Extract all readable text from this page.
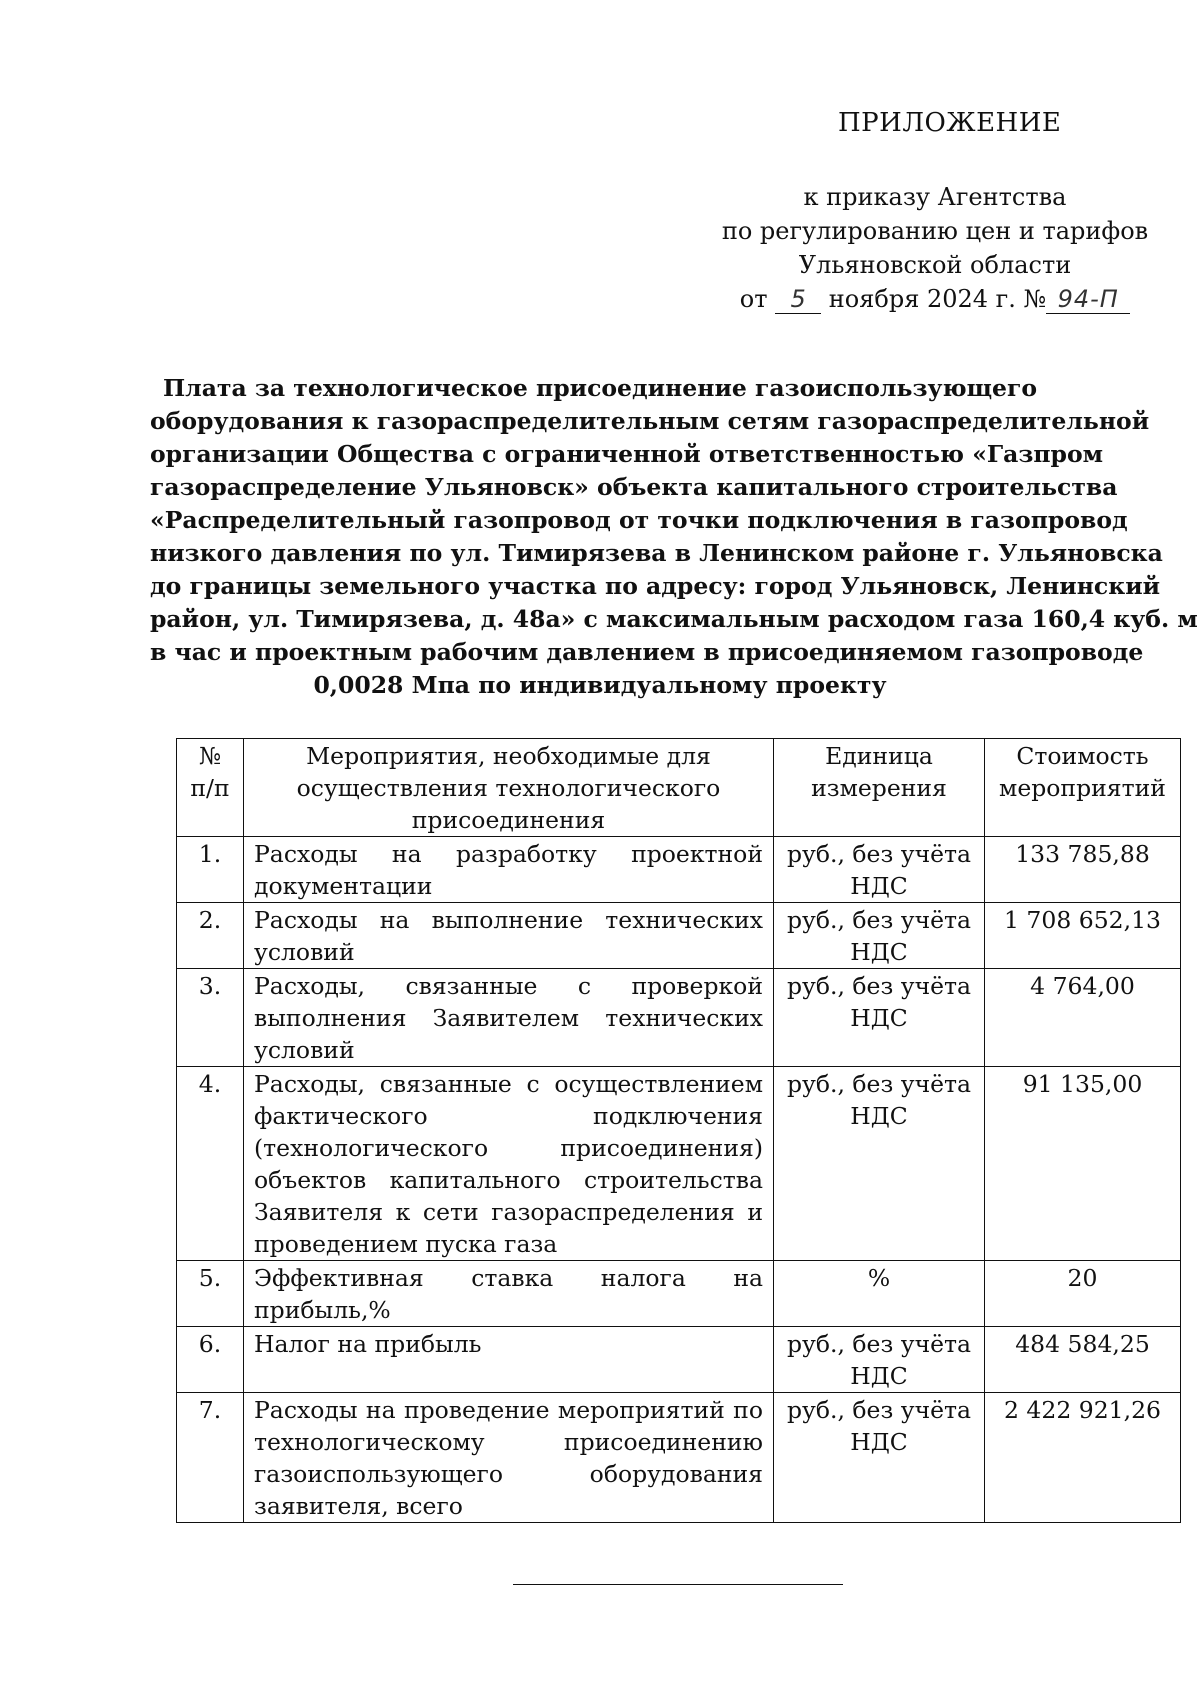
ПРИЛОЖЕНИЕ
к приказу Агентства
по регулированию цен и тарифов
Ульяновской области
от 5 ноября 2024 г. № 94-П
Плата за технологическое присоединение газоиспользующего
оборудования к газораспределительным сетям газораспределительной
организации Общества с ограниченной ответственностью «Газпром
газораспределение Ульяновск» объекта капитального строительства
«Распределительный газопровод от точки подключения в газопровод
низкого давления по ул. Тимирязева в Ленинском районе г. Ульяновска
до границы земельного участка по адресу: город Ульяновск, Ленинский
район, ул. Тимирязева, д. 48а» с максимальным расходом газа 160,4 куб. м
в час и проектным рабочим давлением в присоединяемом газопроводе
0,0028 Мпа по индивидуальному проекту
№ п/п	Мероприятия, необходимые для осуществления технологического присоединения	Единица измерения	Стоимость мероприятий
1.	Расходы на разработку проектной документации	руб., без учёта НДС	133 785,88
2.	Расходы на выполнение технических условий	руб., без учёта НДС	1 708 652,13
3.	Расходы, связанные с проверкой выполнения Заявителем технических условий	руб., без учёта НДС	4 764,00
4.	Расходы, связанные с осуществлением фактического подключения (технологического присоединения) объектов капитального строительства Заявителя к сети газораспределения и проведением пуска газа	руб., без учёта НДС	91 135,00
5.	Эффективная ставка налога на прибыль,%	%	20
6.	Налог на прибыль	руб., без учёта НДС	484 584,25
7.	Расходы на проведение мероприятий по технологическому присоединению газоиспользующего оборудования заявителя, всего	руб., без учёта НДС	2 422 921,26
